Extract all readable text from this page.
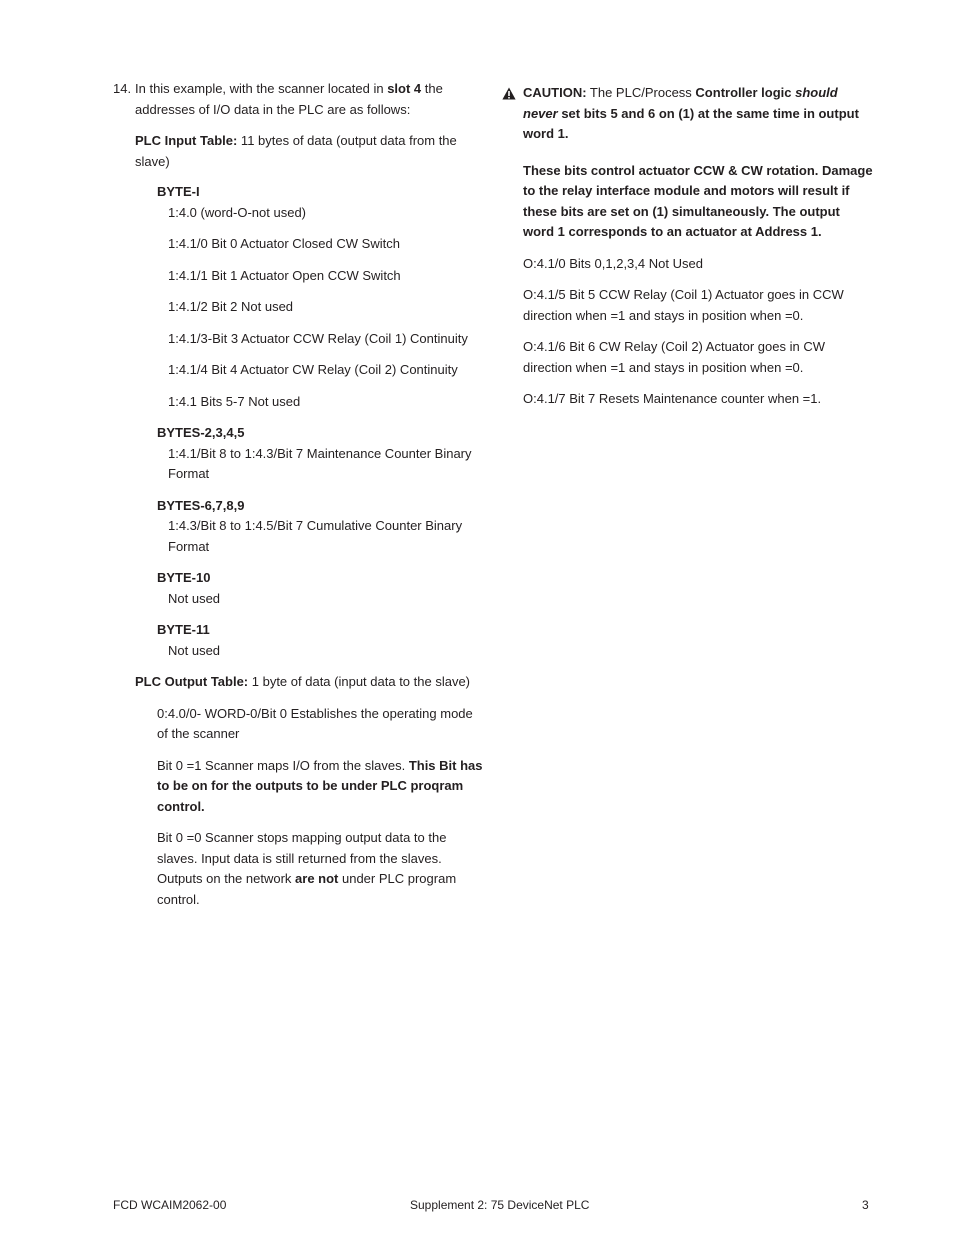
14. In this example, with the scanner located in slot 4 the addresses of I/O data in the PLC are as follows:

PLC Input Table: 11 bytes of data (output data from the slave)

BYTE-I

1:4.0 (word-O-not used)

1:4.1/0 Bit 0 Actuator Closed CW Switch

1:4.1/1 Bit 1 Actuator Open CCW Switch

1:4.1/2 Bit 2 Not used

1:4.1/3-Bit 3 Actuator CCW Relay (Coil 1) Continuity

1:4.1/4 Bit 4 Actuator CW Relay (Coil 2) Continuity

1:4.1 Bits 5-7 Not used

BYTES-2,3,4,5

1:4.1/Bit 8 to 1:4.3/Bit 7 Maintenance Counter Binary Format

BYTES-6,7,8,9

1:4.3/Bit 8 to 1:4.5/Bit 7 Cumulative Counter Binary Format

BYTE-10

Not used

BYTE-11

Not used

PLC Output Table: 1 byte of data (input data to the slave)

0:4.0/0- WORD-0/Bit 0 Establishes the operating mode of the scanner

Bit 0 =1 Scanner maps I/O from the slaves. This Bit has to be on for the outputs to be under PLC proqram control.

Bit 0 =0 Scanner stops mapping output data to the slaves. Input data is still returned from the slaves. Outputs on the network are not under PLC program control.

CAUTION: The PLC/Process Controller logic should never set bits 5 and 6 on (1) at the same time in output word 1.

These bits control actuator CCW & CW rotation. Damage to the relay interface module and motors will result if these bits are set on (1) simultaneously. The output word 1 corresponds to an actuator at Address 1.

O:4.1/0 Bits 0,1,2,3,4 Not Used

O:4.1/5 Bit 5 CCW Relay (Coil 1) Actuator goes in CCW direction when =1 and stays in position when =0.

O:4.1/6 Bit 6 CW Relay (Coil 2) Actuator goes in CW direction when =1 and stays in position when =0.

O:4.1/7 Bit 7 Resets Maintenance counter when =1.

FCD WCAIM2062-00	Supplement 2: 75 DeviceNet PLC	3
